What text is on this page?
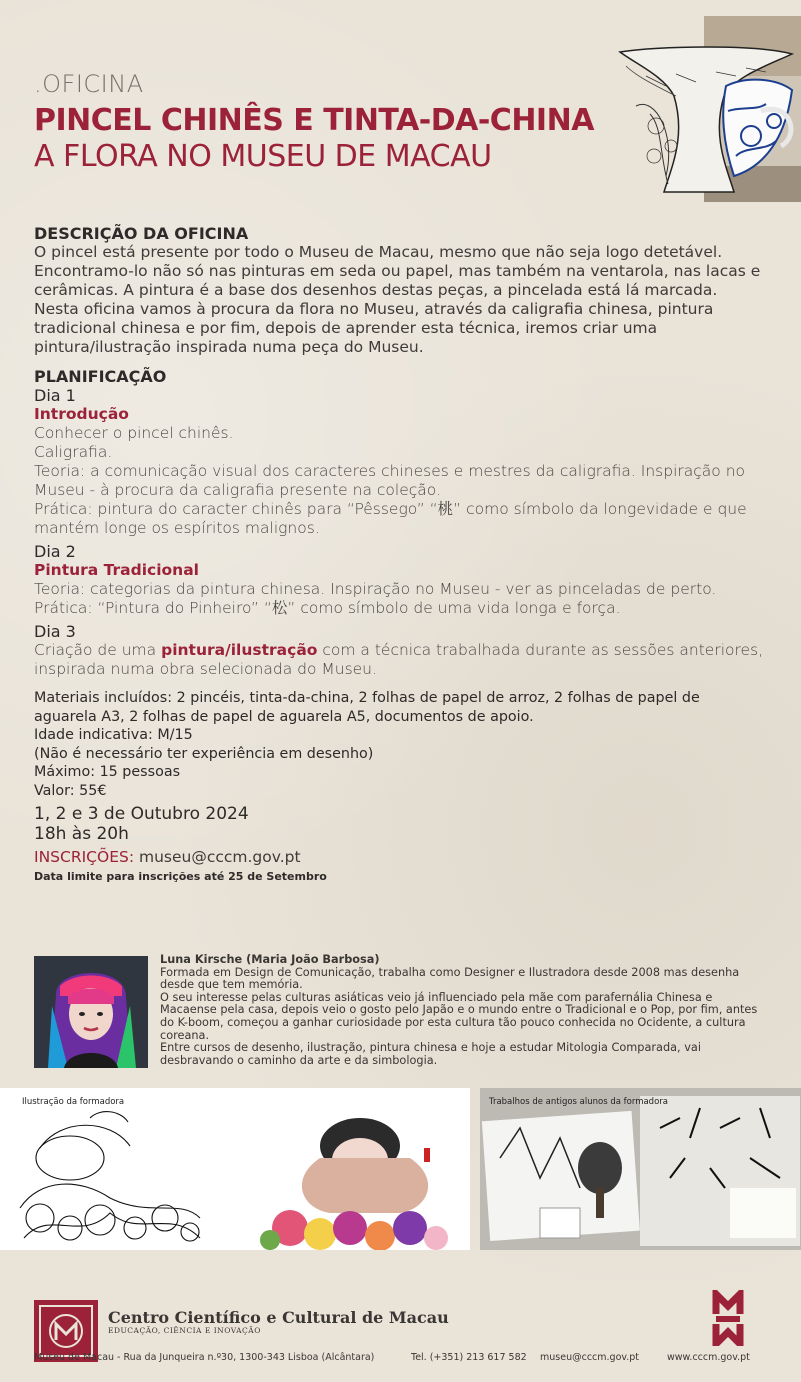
.OFICINA
PINCEL CHINÊS E TINTA-DA-CHINA
A FLORA NO MUSEU DE MACAU

DESCRIÇÃO DA OFICINA

O pincel está presente por todo o Museu de Macau, mesmo que não seja logo detetável. Encontramo-lo não só nas pinturas em seda ou papel, mas também na ventarola, nas lacas e cerâmicas. A pintura é a base dos desenhos destas peças, a pincelada está lá marcada.

Nesta oficina vamos à procura da flora no Museu, através da caligrafia chinesa, pintura tradicional chinesa e por fim, depois de aprender esta técnica, iremos criar uma pintura/ilustração inspirada numa peça do Museu.

PLANIFICAÇÃO

Dia 1

Introdução

Conhecer o pincel chinês.

Caligrafia.

Teoria: a comunicação visual dos caracteres chineses e mestres da caligrafia. Inspiração no Museu - à procura da caligrafia presente na coleção.

Prática: pintura do caracter chinês para “Pêssego” “桃” como símbolo da longevidade e que mantém longe os espíritos malignos.

Dia 2

Pintura Tradicional

Teoria: categorias da pintura chinesa. Inspiração no Museu - ver as pinceladas de perto.

Prática: “Pintura do Pinheiro” “松” como símbolo de uma vida longa e força.

Dia 3

Criação de uma pintura/ilustração com a técnica trabalhada durante as sessões anteriores, inspirada numa obra selecionada do Museu.

Materiais incluídos: 2 pincéis, tinta-da-china, 2 folhas de papel de arroz, 2 folhas de papel de aguarela A3, 2 folhas de papel de aguarela A5, documentos de apoio.

Idade indicativa: M/15

(Não é necessário ter experiência em desenho)

Máximo: 15 pessoas

Valor: 55€

1, 2 e 3 de Outubro 2024

18h às 20h

INSCRIÇÕES: museu@cccm.gov.pt

Data limite para inscrições até 25 de Setembro

Luna Kirsche (Maria João Barbosa)
Formada em Design de Comunicação, trabalha como Designer e Ilustradora desde 2008 mas desenha desde que tem memória.
O seu interesse pelas culturas asiáticas veio já influenciado pela mãe com parafernália Chinesa e Macaense pela casa, depois veio o gosto pelo Japão e o mundo entre o Tradicional e o Pop, por fim, antes do K-boom, começou a ganhar curiosidade por esta cultura tão pouco conhecida no Ocidente, a cultura coreana.
Entre cursos de desenho, ilustração, pintura chinesa e hoje a estudar Mitologia Comparada, vai desbravando o caminho da arte e da simbologia.
Ilustração da formadora	Trabalhos de antigos alunos da formadora
Centro Científico e Cultural de Macau
EDUCAÇÃO, CIÊNCIA E INOVAÇÃO
Museu de Macau - Rua da Junqueira n.º30, 1300-343 Lisboa (Alcântara)	Tel. (+351) 213 617 582 museu@cccm.gov.pt	www.cccm.gov.pt
